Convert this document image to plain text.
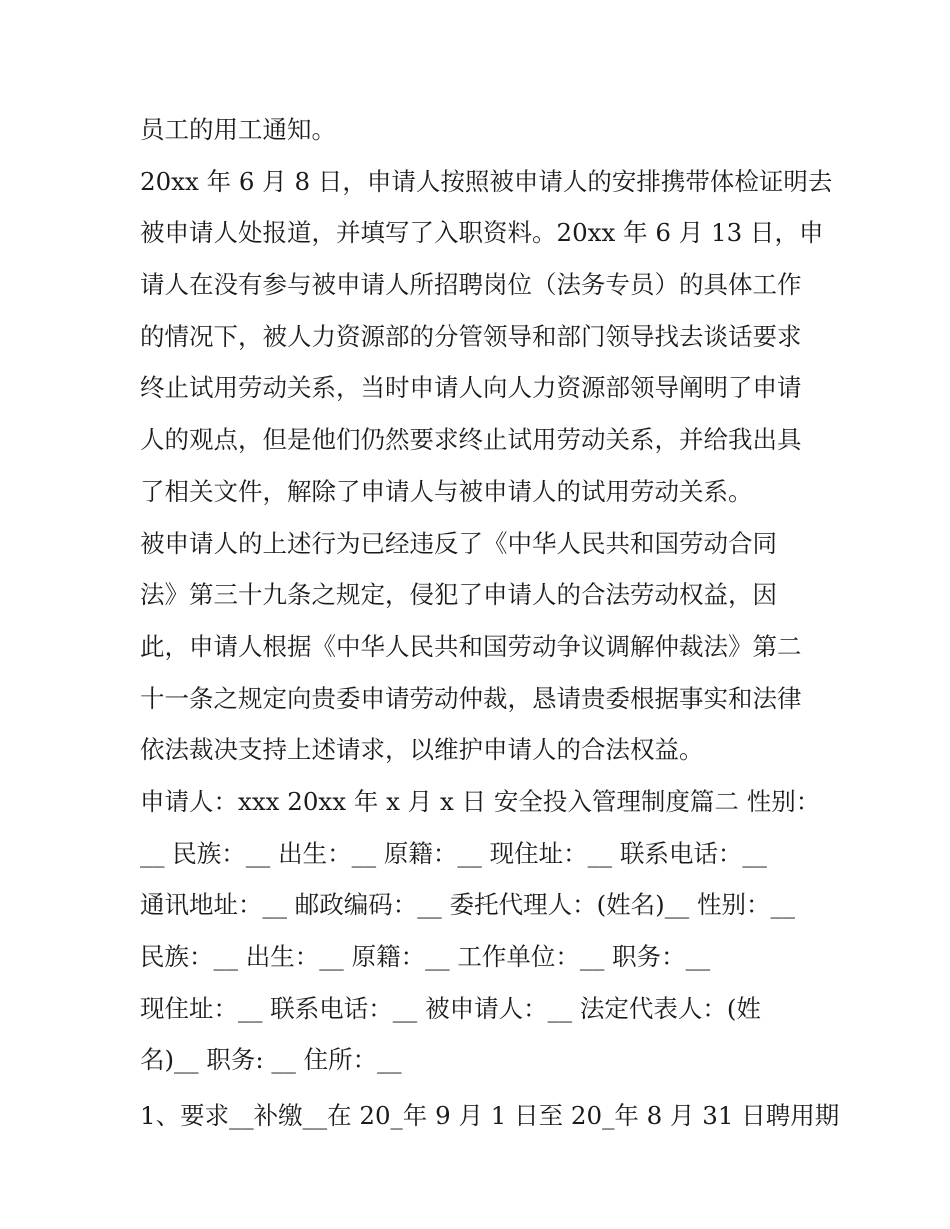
员工的用工通知。
20xx 年 6 月 8 日，申请人按照被申请人的安排携带体检证明去
被申请人处报道，并填写了入职资料。20xx 年 6 月 13 日，申
请人在没有参与被申请人所招聘岗位（法务专员）的具体工作
的情况下，被人力资源部的分管领导和部门领导找去谈话要求
终止试用劳动关系，当时申请人向人力资源部领导阐明了申请
人的观点，但是他们仍然要求终止试用劳动关系，并给我出具
了相关文件，解除了申请人与被申请人的试用劳动关系。
被申请人的上述行为已经违反了《中华人民共和国劳动合同
法》第三十九条之规定，侵犯了申请人的合法劳动权益，因
此，申请人根据《中华人民共和国劳动争议调解仲裁法》第二
十一条之规定向贵委申请劳动仲裁，恳请贵委根据事实和法律
依法裁决支持上述请求，以维护申请人的合法权益。
申请人：xxx 20xx 年 x 月 x 日 安全投入管理制度篇二 性别：
__ 民族：__ 出生：__ 原籍：__ 现住址：__ 联系电话：__
通讯地址：__ 邮政编码：__ 委托代理人：(姓名)__ 性别：__
民族：__ 出生：__ 原籍：__ 工作单位：__ 职务：__
现住址：__ 联系电话：__ 被申请人：__ 法定代表人：(姓
名)__ 职务: __ 住所：__
1、要求__补缴__在 20_年 9 月 1 日至 20_年 8 月 31 日聘用期
